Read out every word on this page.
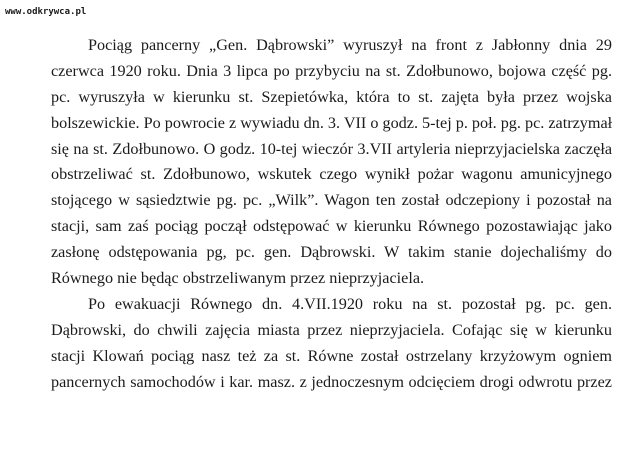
www.odkrywca.pl
Pociąg pancerny „Gen. Dąbrowski” wyruszył na front z Jabłonny dnia 29
czerwca 1920 roku. Dnia 3 lipca po przybyciu na st. Zdołbunowo, bojowa część pg.
pc. wyruszyła w kierunku st. Szepietówka, która to st. zajęta była przez wojska
bolszewickie. Po powrocie z wywiadu dn. 3. VII o godz. 5-tej p. poł. pg. pc. zatrzymał
się na st. Zdołbunowo. O godz. 10-tej wieczór 3.VII artyleria nieprzyjacielska zaczęła
obstrzeliwać st. Zdołbunowo, wskutek czego wynikł pożar wagonu amunicyjnego
stojącego w sąsiedztwie pg. pc. „Wilk”. Wagon ten został odczepiony i pozostał na
stacji, sam zaś pociąg począł odstępować w kierunku Równego pozostawiając jako
zasłonę odstępowania pg, pc. gen. Dąbrowski. W takim stanie dojechaliśmy do
Równego nie będąc obstrzeliwanym przez nieprzyjaciela.
Po ewakuacji Równego dn. 4.VII.1920 roku na st. pozostał pg. pc. gen.
Dąbrowski, do chwili zajęcia miasta przez nieprzyjaciela. Cofając się w kierunku
stacji Klowań pociąg nasz też za st. Równe został ostrzelany krzyżowym ogniem
pancernych samochodów i kar. masz. z jednoczesnym odcięciem drogi odwrotu przez
